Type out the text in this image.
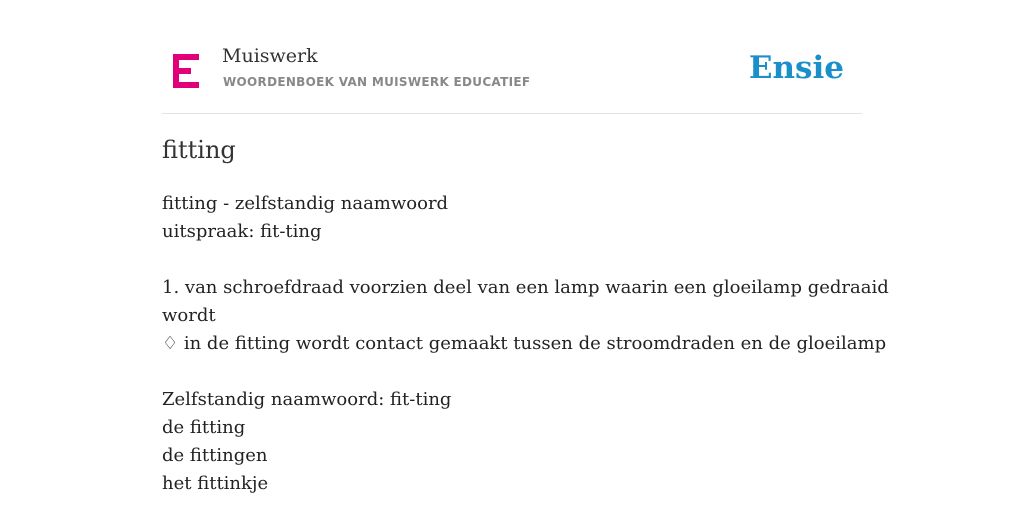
Muiswerk
WOORDENBOEK VAN MUISWERK EDUCATIEF	Ensie
fitting
fitting - zelfstandig naamwoord
uitspraak: fit-ting
1. van schroefdraad voorzien deel van een lamp waarin een gloeilamp gedraaid
wordt
♢ in de fitting wordt contact gemaakt tussen de stroomdraden en de gloeilamp
Zelfstandig naamwoord: fit-ting
de fitting
de fittingen
het fittinkje
